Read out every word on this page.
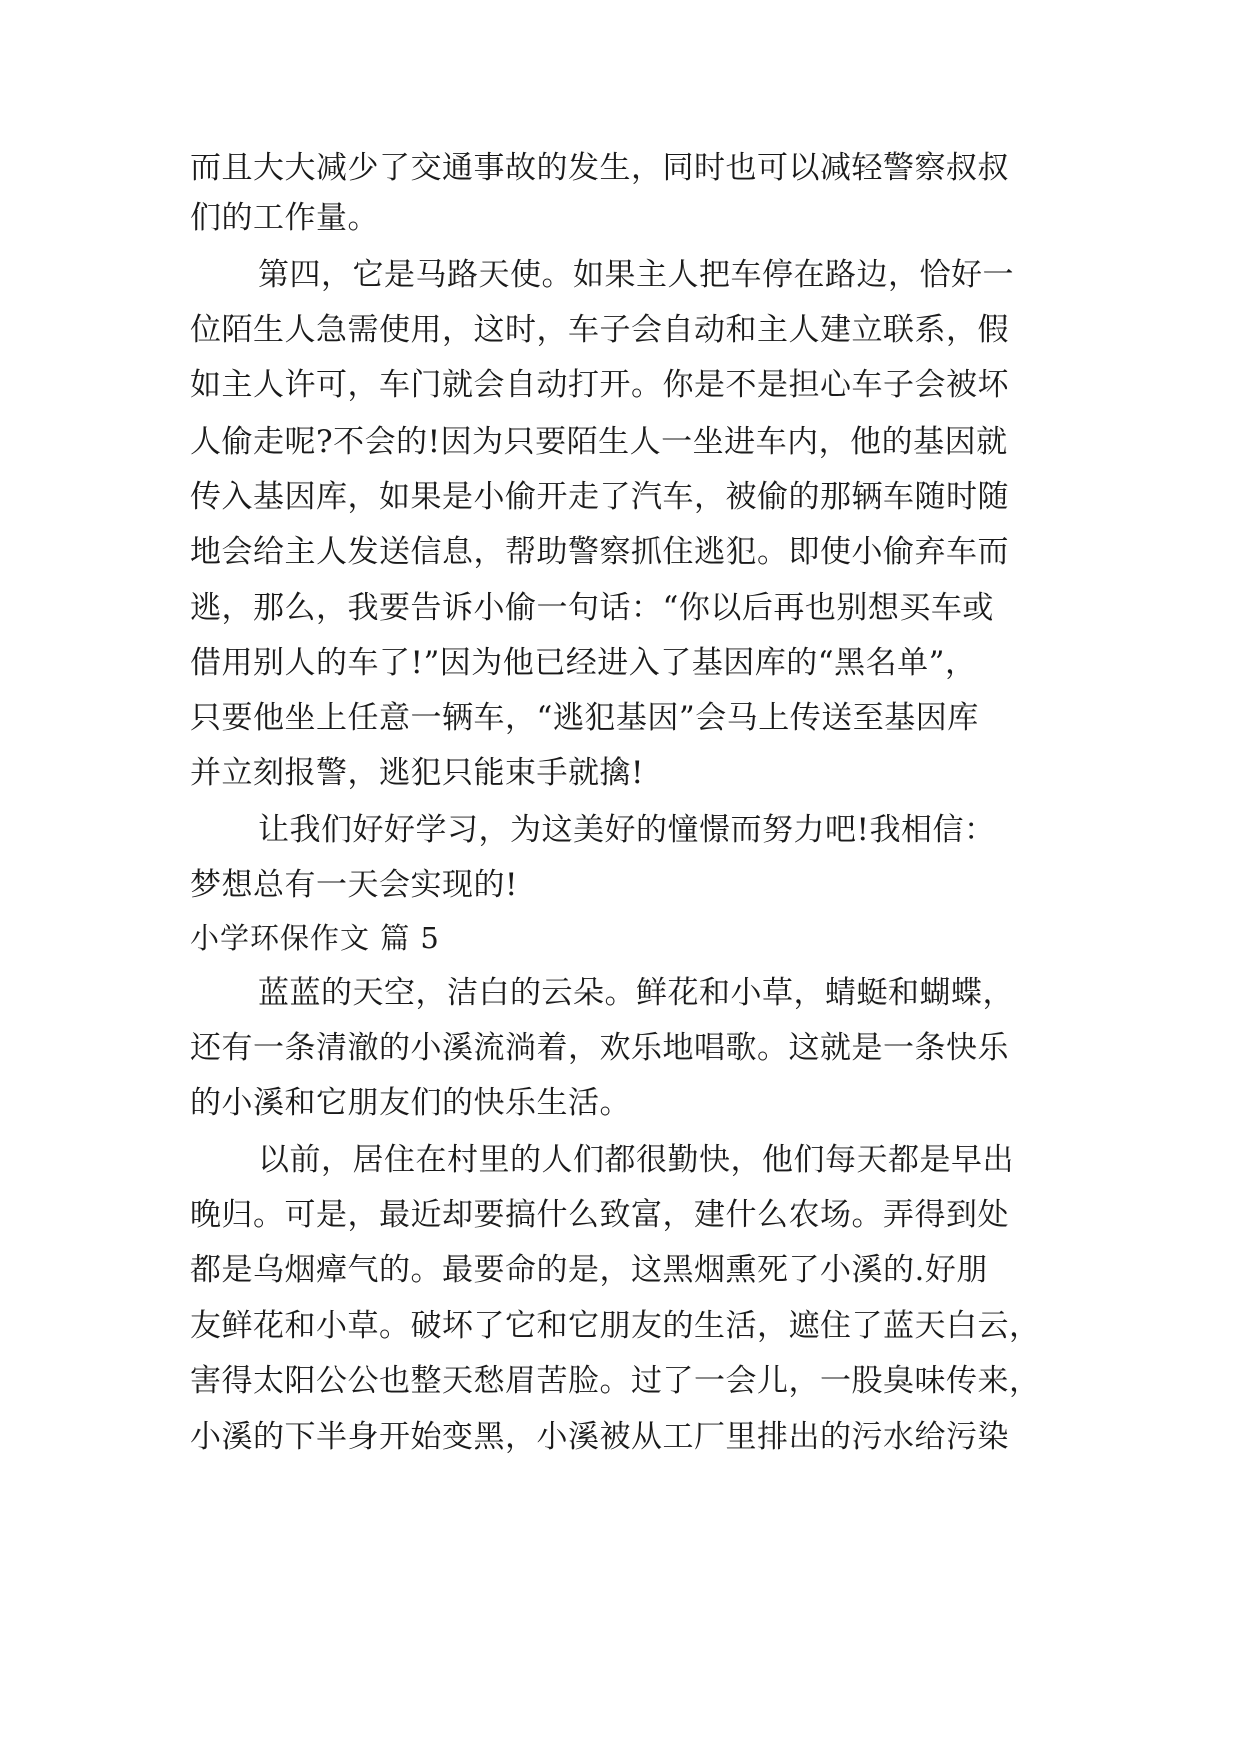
而且大大减少了交通事故的发生，同时也可以减轻警察叔叔
们的工作量。
第四，它是马路天使。如果主人把车停在路边，恰好一
位陌生人急需使用，这时，车子会自动和主人建立联系，假
如主人许可，车门就会自动打开。你是不是担心车子会被坏
人偷走呢?不会的!因为只要陌生人一坐进车内，他的基因就
传入基因库，如果是小偷开走了汽车，被偷的那辆车随时随
地会给主人发送信息，帮助警察抓住逃犯。即使小偷弃车而
逃，那么，我要告诉小偷一句话：“你以后再也别想买车或
借用别人的车了!”因为他已经进入了基因库的“黑名单”，
只要他坐上任意一辆车，“逃犯基因”会马上传送至基因库
并立刻报警，逃犯只能束手就擒!
让我们好好学习，为这美好的憧憬而努力吧!我相信：
梦想总有一天会实现的!
小学环保作文 篇 5
蓝蓝的天空，洁白的云朵。鲜花和小草，蜻蜓和蝴蝶，
还有一条清澈的小溪流淌着，欢乐地唱歌。这就是一条快乐
的小溪和它朋友们的快乐生活。
以前，居住在村里的人们都很勤快，他们每天都是早出
晚归。可是，最近却要搞什么致富，建什么农场。弄得到处
都是乌烟瘴气的。最要命的是，这黑烟熏死了小溪的.好朋
友鲜花和小草。破坏了它和它朋友的生活，遮住了蓝天白云，
害得太阳公公也整天愁眉苦脸。过了一会儿，一股臭味传来，
小溪的下半身开始变黑，小溪被从工厂里排出的污水给污染
